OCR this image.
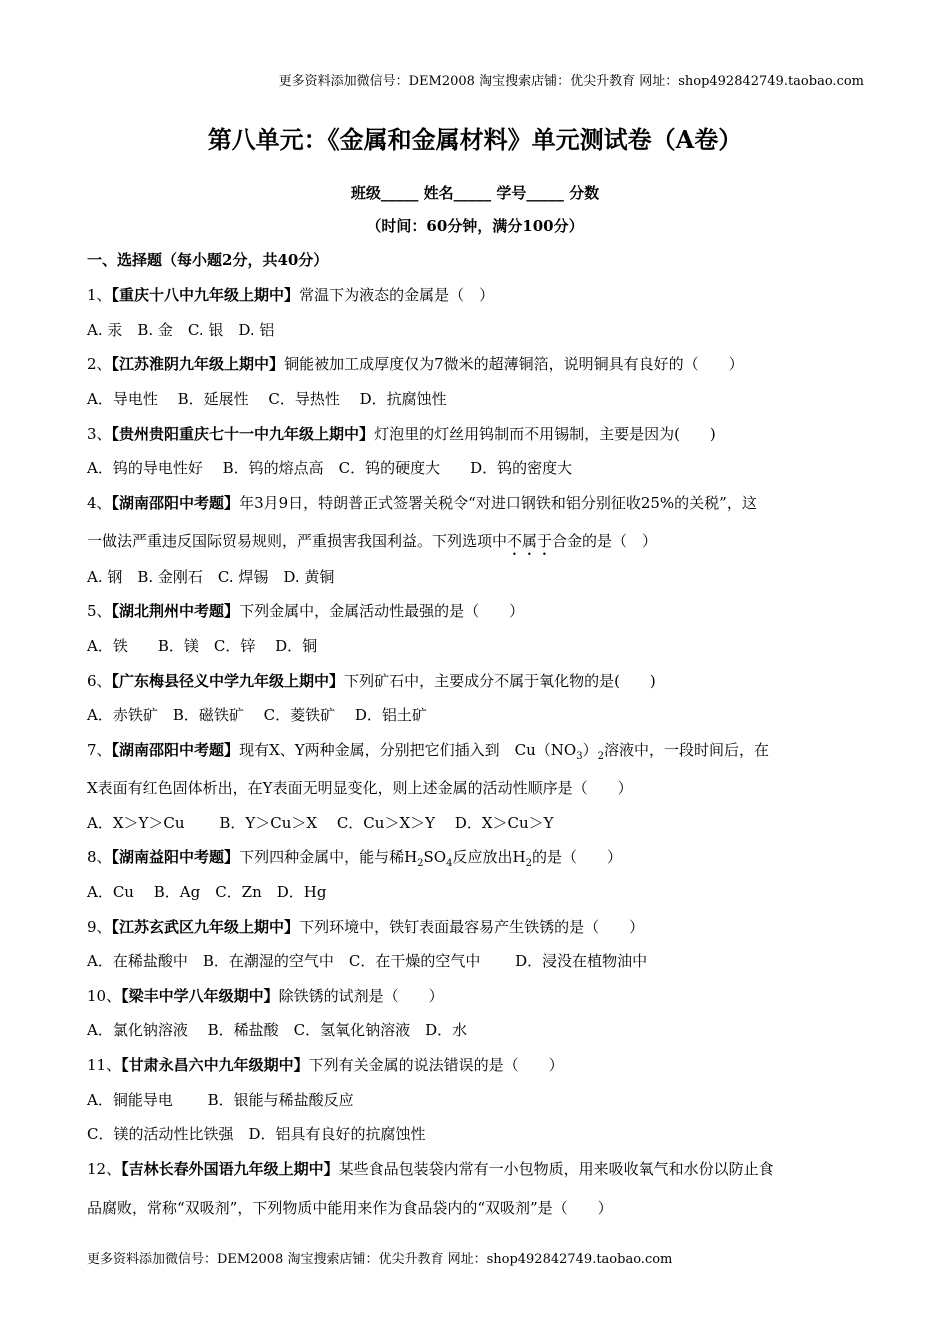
更多资料添加微信号：DEM2008 淘宝搜索店铺：优尖升教育 网址：shop492842749.taobao.com
第八单元：《金属和金属材料》单元测试卷（A卷）
班级_____ 姓名_____ 学号_____ 分数
（时间：60分钟，满分100分）
一、选择题（每小题2分，共40分）
1、【重庆十八中九年级上期中】常温下为液态的金属是（　）
A. 汞　B. 金　C. 银　D. 铝
2、【江苏淮阴九年级上期中】铜能被加工成厚度仅为7微米的超薄铜箔，说明铜具有良好的（　　）
A．导电性　 B．延展性　 C．导热性　 D．抗腐蚀性
3、【贵州贵阳重庆七十一中九年级上期中】灯泡里的灯丝用钨制而不用锡制，主要是因为(　　)
A．钨的导电性好　 B．钨的熔点高　C．钨的硬度大　　D．钨的密度大
4、【湖南邵阳中考题】年3月9日，特朗普正式签署关税令“对进口钢铁和铝分别征收25%的关税”，这
一做法严重违反国际贸易规则，严重损害我国利益。下列选项中不属于合金的是（　）
A. 钢　B. 金刚石　C. 焊锡　D. 黄铜
5、【湖北荆州中考题】下列金属中，金属活动性最强的是（　　）
A．铁　　B．镁　C．锌　 D．铜
6、【广东梅县径义中学九年级上期中】下列矿石中，主要成分不属于氧化物的是(　　)
A．赤铁矿　B．磁铁矿　 C．菱铁矿　 D．铝土矿
7、【湖南邵阳中考题】现有X、Y两种金属，分别把它们插入到　$Cu(NO_3)_2$溶液中，一段时间后，在
X表面有红色固体析出，在Y表面无明显变化，则上述金属的活动性顺序是（　　）
A．X＞Y＞Cu　　 B．Y＞Cu＞X　 C．Cu＞X＞Y　 D．X＞Cu＞Y
8、【湖南益阳中考题】下列四种金属中，能与稀$H_2SO_4$反应放出$H_2$的是（　　）
A．Cu　 B．Ag　C．Zn　D．Hg
9、【江苏玄武区九年级上期中】下列环境中，铁钉表面最容易产生铁锈的是（　　）
A．在稀盐酸中　B．在潮湿的空气中　C．在干燥的空气中　　 D．浸没在植物油中
10、【梁丰中学八年级期中】除铁锈的试剂是（　　）
A．氯化钠溶液　 B．稀盐酸　C．氢氧化钠溶液　D．水
11、【甘肃永昌六中九年级期中】下列有关金属的说法错误的是（　　）
A．铜能导电　　 B．银能与稀盐酸反应
C．镁的活动性比铁强　D．铝具有良好的抗腐蚀性
12、【吉林长春外国语九年级上期中】某些食品包装袋内常有一小包物质，用来吸收氧气和水份以防止食
品腐败，常称“双吸剂”，下列物质中能用来作为食品袋内的“双吸剂”是（　　）
更多资料添加微信号：DEM2008 淘宝搜索店铺：优尖升教育 网址：shop492842749.taobao.com
